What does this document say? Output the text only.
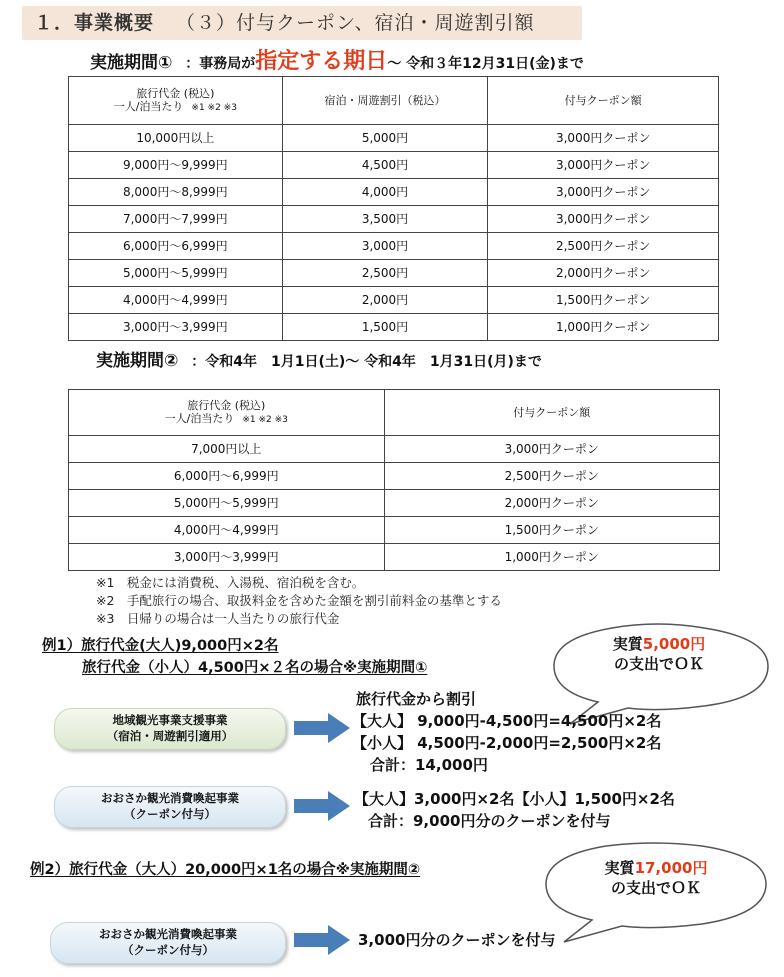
１．事業概要 （３）付与クーポン、宿泊・周遊割引額
実施期間① ：事務局が指定する期日～ 令和３年12月31日(金)まで
旅行代金 (税込)
一人/泊当たり ※1 ※2 ※3	宿泊・周遊割引（税込）	付与クーポン額
10,000円以上	5,000円	3,000円クーポン
9,000円～9,999円	4,500円	3,000円クーポン
8,000円～8,999円	4,000円	3,000円クーポン
7,000円～7,999円	3,500円	3,000円クーポン
6,000円～6,999円	3,000円	2,500円クーポン
5,000円～5,999円	2,500円	2,000円クーポン
4,000円～4,999円	2,000円	1,500円クーポン
3,000円～3,999円	1,500円	1,000円クーポン
実施期間② ：令和4年　1月1日(土)～ 令和4年　1月31日(月)まで
旅行代金 (税込)
一人/泊当たり ※1 ※2 ※3	付与クーポン額
7,000円以上	3,000円クーポン
6,000円～6,999円	2,500円クーポン
5,000円～5,999円	2,000円クーポン
4,000円～4,999円	1,500円クーポン
3,000円～3,999円	1,000円クーポン
※1　税金には消費税、入湯税、宿泊税を含む。
※2　手配旅行の場合、取扱料金を含めた金額を割引前料金の基準とする
※3　日帰りの場合は一人当たりの旅行代金
例1）旅行代金(大人)9,000円×2名
旅行代金（小人）4,500円×２名の場合※実施期間①
実質5,000円
の支出でＯＫ
地域観光事業支援事業
（宿泊・周遊割引適用）
旅行代金から割引
【大人】 9,000円-4,500円=4,500円×2名
【小人】 4,500円-2,000円=2,500円×2名
合計：14,000円
おおさか観光消費喚起事業
（クーポン付与）
【大人】3,000円×2名【小人】1,500円×2名
合計：9,000円分のクーポンを付与
例2）旅行代金（大人）20,000円×1名の場合※実施期間②	実質17,000円
の支出でＯＫ
おおさか観光消費喚起事業
（クーポン付与）
3,000円分のクーポンを付与
